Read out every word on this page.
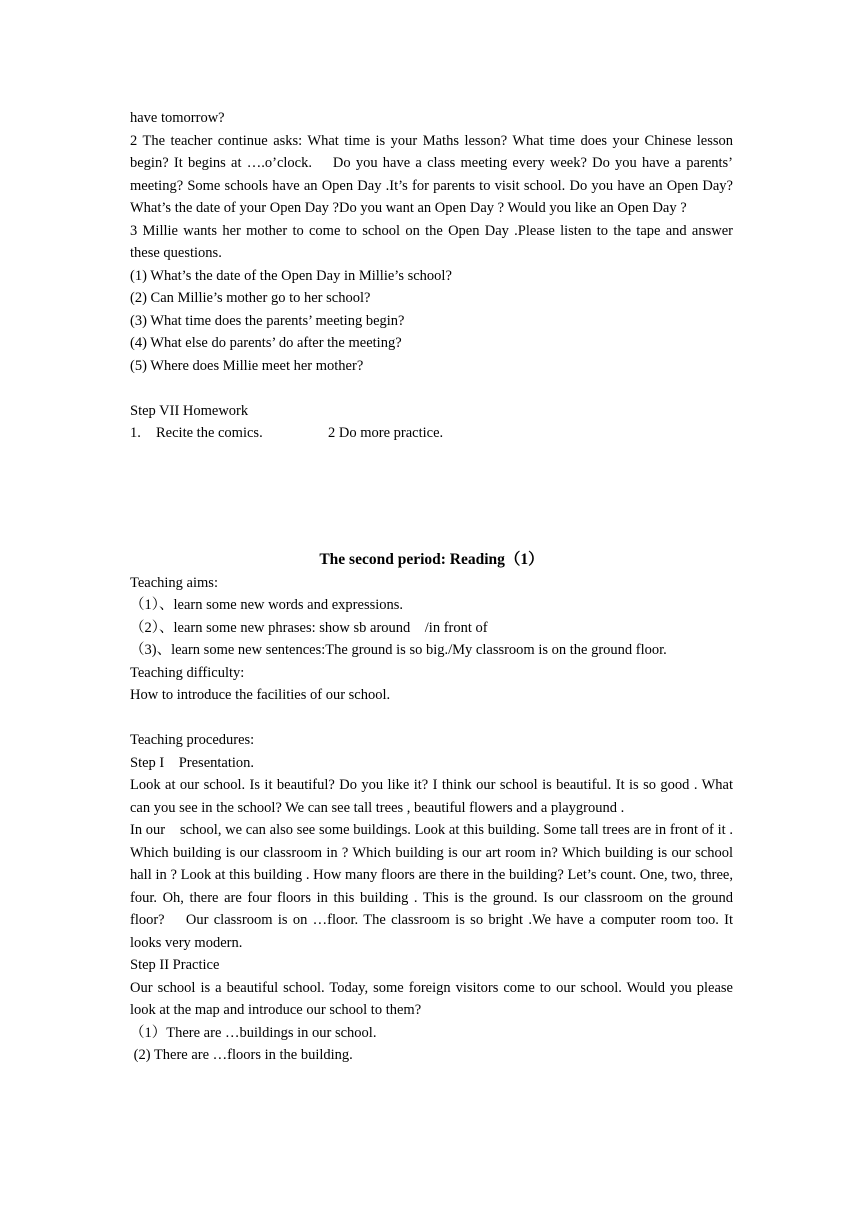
have tomorrow?

2 The teacher continue asks: What time is your Maths lesson? What time does your Chinese lesson begin? It begins at ….o’clock.    Do you have a class meeting every week? Do you have a parents’ meeting? Some schools have an Open Day .It’s for parents to visit school. Do you have an Open Day? What’s the date of your Open Day ?Do you want an Open Day ? Would you like an Open Day ?

3 Millie wants her mother to come to school on the Open Day .Please listen to the tape and answer these questions.

(1) What’s the date of the Open Day in Millie’s school?

(2) Can Millie’s mother go to her school?

(3) What time does the parents’ meeting begin?

(4) What else do parents’ do after the meeting?

(5) Where does Millie meet her mother?

Step VII Homework

1. Recite the comics.	2 Do more practice.

The second period: Reading（1）

Teaching aims:

（1）、learn some new words and expressions.

（2）、learn some new phrases: show sb around    /in front of

（3)、learn some new sentences:The ground is so big./My classroom is on the ground floor.

Teaching difficulty:

How to introduce the facilities of our school.

Teaching procedures:

Step I    Presentation.

Look at our school. Is it beautiful? Do you like it? I think our school is beautiful. It is so good . What can you see in the school? We can see tall trees , beautiful flowers and a playground .

In our    school, we can also see some buildings. Look at this building. Some tall trees are in front of it . Which building is our classroom in ? Which building is our art room in? Which building is our school hall in ? Look at this building . How many floors are there in the building? Let’s count. One, two, three, four. Oh, there are four floors in this building . This is the ground. Is our classroom on the ground floor?    Our classroom is on …floor. The classroom is so bright .We have a computer room too. It looks very modern.

Step II Practice

Our school is a beautiful school. Today, some foreign visitors come to our school. Would you please look at the map and introduce our school to them?

（1）There are …buildings in our school.

(2) There are …floors in the building.
